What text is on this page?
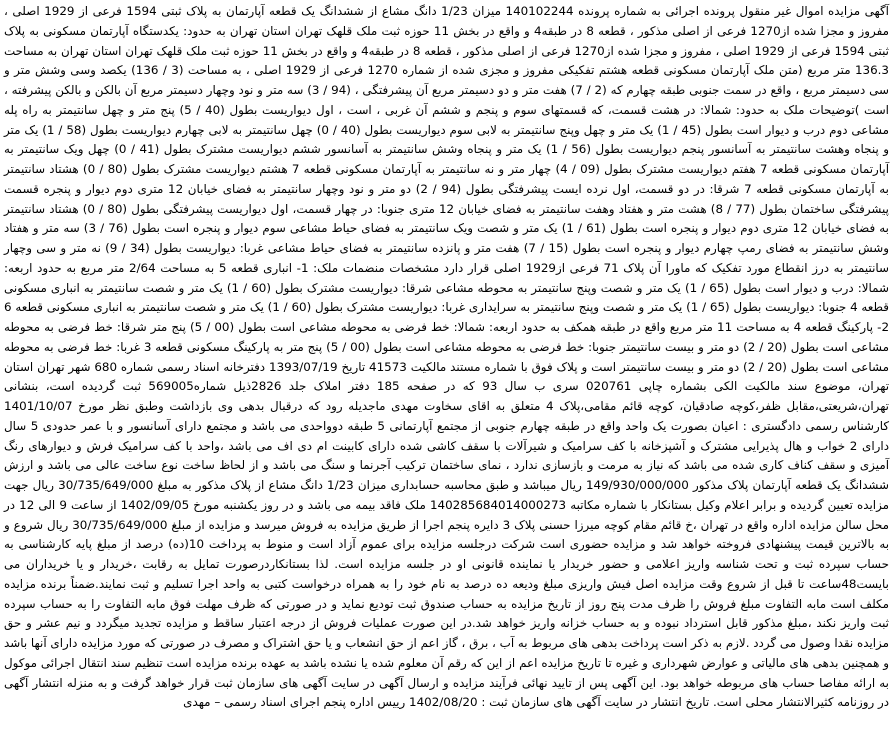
آگهی مزایده اموال غیر منقول پرونده اجرائی به شماره پرونده 140102244 میزان 1/23 دانگ مشاع از ششدانگ یک قطعه آپارتمان به پلاک ثبتی 1594 فرعی از 1929 اصلی ، مفروز و مجزا شده از1270 فرعی از اصلی مذکور ، قطعه 8 در طبقه4 و واقع در بخش 11 حوزه ثبت ملک قلهک تهران استان تهران به حدود: یکدستگاه آپارتمان مسکونی به پلاک ثبتی 1594 فرعی از 1929 اصلی ، مفروز و مجزا شده از1270 فرعی از اصلی مذکور ، قطعه 8 در طبقه4 و واقع در بخش 11 حوزه ثبت ملک قلهک تهران استان تهران به مساحت 136.3 متر مربع (متن ملک آپارتمان مسکونی قطعه هشتم تفکیکی مفروز و مجزی شده از شماره 1270 فرعی از 1929 اصلی ، به مساحت (3 / 136) یکصد وسی وشش متر و سی دسیمتر مربع ، واقع در سمت جنوبی طبقه چهارم که (2 / 7) هفت متر و دو دسیمتر مربع آن پیشرفتگی ، (94 / 3) سه متر و نود وچهار دسیمتر مربع آن بالکن و بالکن پیشرفته ، است )توضیحات ملک به حدود: شمالا: در هشت قسمت، که قسمتهای سوم و پنجم و ششم آن غربی ، است ، اول دیواریست بطول (40 / 5) پنج متر و چهل سانتیمتر به راه پله مشاعی دوم درب و دیوار است بطول (45 / 1) یک متر و چهل وپنج سانتیمتر به لابی سوم دیواریست بطول (40 / 0) چهل سانتیمتر به لابی چهارم دیواریست بطول (58 / 1) یک متر و پنجاه وهشت سانتیمتر به آسانسور پنجم دیواریست بطول (56 / 1) یک متر و پنجاه وشش سانتیمتر به آسانسور ششم دیواریست مشترک بطول (41 / 0) چهل ویک سانتیمتر به آپارتمان مسکونی قطعه 7 هفتم دیواریست مشترک بطول (09 / 4) چهار متر و نه سانتیمتر به آپارتمان مسکونی قطعه 7 هشتم دیواریست مشترک بطول (80 / 0) هشتاد سانتیمتر به آپارتمان مسکونی قطعه 7 شرقا: در دو قسمت، اول نرده ایست پیشرفتگی بطول (94 / 2) دو متر و نود وچهار سانتیمتر به فضای خیابان 12 متری دوم دیوار و پنجره قسمت پیشرفتگی ساختمان بطول (77 / 8) هشت متر و هفتاد وهفت سانتیمتر به فضای خیابان 12 متری جنوبا: در چهار قسمت، اول دیواریست پیشرفتگی بطول (80 / 0) هشتاد سانتیمتر به فضای خیابان 12 متری دوم دیوار و پنجره است بطول (61 / 1) یک متر و شصت ویک سانتیمتر به فضای حیاط مشاعی سوم دیوار و پنجره است بطول (76 / 3) سه متر و هفتاد وشش سانتیمتر به فضای رمپ چهارم دیوار و پنجره است بطول (15 / 7) هفت متر و پانزده سانتیمتر به فضای حیاط مشاعی غربا: دیواریست بطول (34 / 9) نه متر و سی وچهار سانتیمتر به درز انقطاع مورد تفکیک که ماورا آن پلاک 71 فرعی از1929 اصلی قرار دارد مشخصات منضمات ملک: 1- انباری قطعه 5 به مساحت 2/64 متر مربع به حدود اربعه: شمالا: درب و دیوار است بطول (65 / 1) یک متر و شصت وپنج سانتیمتر به محوطه مشاعی شرقا: دیواریست مشترک بطول (60 / 1) یک متر و شصت سانتیمتر به انباری مسکونی قطعه 4 جنوبا: دیواریست بطول (65 / 1) یک متر و شصت وپنج سانتیمتر به سرایداری غربا: دیواریست مشترک بطول (60 / 1) یک متر و شصت سانتیمتر به انباری مسکونی قطعه 6 2- پارکینگ قطعه 4 به مساحت 11 متر مربع واقع در طبقه همکف به حدود اربعه: شمالا: خط فرضی به محوطه مشاعی است بطول (00 / 5) پنج متر شرقا: خط فرضی به محوطه مشاعی است بطول (20 / 2) دو متر و بیست سانتیمتر جنوبا: خط فرضی به محوطه مشاعی است بطول (00 / 5) پنج متر به پارکینگ مسکونی قطعه 3 غربا: خط فرضی به محوطه مشاعی است بطول (20 / 2) دو متر و بیست سانتیمتر است و پلاک فوق با شماره مستند مالکیت 41573 تاریخ 1393/07/19 دفترخانه اسناد رسمی شماره 680 شهر تهران استان تهران، موضوع سند مالکیت الکی بشماره چاپی 020761 سری ب سال 93 که در صفحه 185 دفتر املاک جلد 2826ذیل شماره569005 ثبت گردیده است، بنشانی تهران،شریعتی،مقابل ظفر،کوچه صادقیان، کوچه قائم مقامی،پلاک 4 متعلق به اقای سخاوت مهدی ماجدیله رود که درقبال بدهی وی بازداشت وطبق نظر مورخ 1401/10/07 کارشناس رسمی دادگستری : اعیان بصورت یک واحد واقع در طبقه چهارم جنوبی از مجتمع آپارتمانی 5 طبقه دوواحدی می باشد و مجتمع دارای آسانسور و با عمر حدودی 5 سال دارای 2 خواب و هال پذیرایی مشترک و آشپزخانه با کف سرامیک و شیرآلات با سقف کاشی شده دارای کابینت ام دی اف می باشد ،واحد با کف سرامیک فرش و دیوارهای رنگ آمیزی و سقف کناف کاری شده می باشد که نیاز به مرمت و بازسازی ندارد ، نمای ساختمان ترکیب آجرنما و سنگ می باشد و از لحاظ ساخت نوع ساخت عالی می باشد و ارزش ششدانگ یک قطعه آپارتمان پلاک مذکور 149/930/000/000 ریال میباشد و طبق محاسبه حسابداری میزان 1/23 دانگ مشاع از پلاک مذکور به مبلغ 30/735/649/000 ریال جهت مزایده تعیین گردیده و برابر اعلام وکیل بستانکار با شماره مکاتبه 140285684014000273 ملک فاقد بیمه می باشد و در روز یکشنبه مورخ 1402/09/05 از ساعت 9 الی 12 در محل سالن مزایده اداره واقع در تهران ،خ قائم مقام کوچه میرزا حسنی پلاک 3 دایره پنجم اجرا از طریق مزایده به فروش میرسد و مزایده از مبلغ 30/735/649/000 ریال شروع و به بالاترین قیمت پیشنهادی فروخته خواهد شد و مزایده حضوری است شرکت درجلسه مزایده برای عموم آزاد است و منوط به پرداخت 10(ده) درصد از مبلغ پایه کارشناسی به حساب سپرده ثبت و تحت شناسه واریز اعلامی و حضور خریدار یا نماینده قانونی او در جلسه مزایده است. لذا بستانکاردرصورت تمایل به رقابت ،خریدار و یا خریداران می بایست48ساعت تا قبل از شروع وقت مزایده اصل فیش واریزی مبلغ ودیعه ده درصد به نام خود را به همراه درخواست کتبی به واحد اجرا تسلیم و ثبت نمایند.ضمناً برنده مزایده مکلف است مابه التفاوت مبلغ فروش را ظرف مدت پنج روز از تاریخ مزایده به حساب صندوق ثبت تودیع نماید و در صورتی که ظرف مهلت فوق مابه التفاوت را به حساب سپرده ثبت واریز نکند ،مبلغ مذکور قابل استرداد نبوده و به حساب خزانه واریز خواهد شد.در این صورت عملیات فروش از درجه اعتبار ساقط و مزایده تجدید میگردد و نیم عشر و حق مزایده نقدا وصول می گردد .لازم به ذکر است پرداخت بدهی های مربوط به آب ، برق ، گاز اعم از حق انشعاب و یا حق اشتراک و مصرف در صورتی که مورد مزایده دارای آنها باشد و همچنین بدهی های مالیاتی و عوارض شهرداری و غیره تا تاریخ مزایده اعم از این که رقم آن معلوم شده یا نشده باشد به عهده برنده مزایده است تنظیم سند انتقال اجرائی موکول به ارائه مفاصا حساب های مربوطه خواهد بود. این آگهی پس از تایید نهائی فرآیند مزایده و ارسال آگهی در سایت آگهی های سازمان ثبت قرار خواهد گرفت و به منزله انتشار آگهی در روزنامه کثیرالانتشار محلی است. تاریخ انتشار در سایت آگهی های سازمان ثبت : 1402/08/20 رییس اداره پنجم اجرای اسناد رسمی – مهدی
